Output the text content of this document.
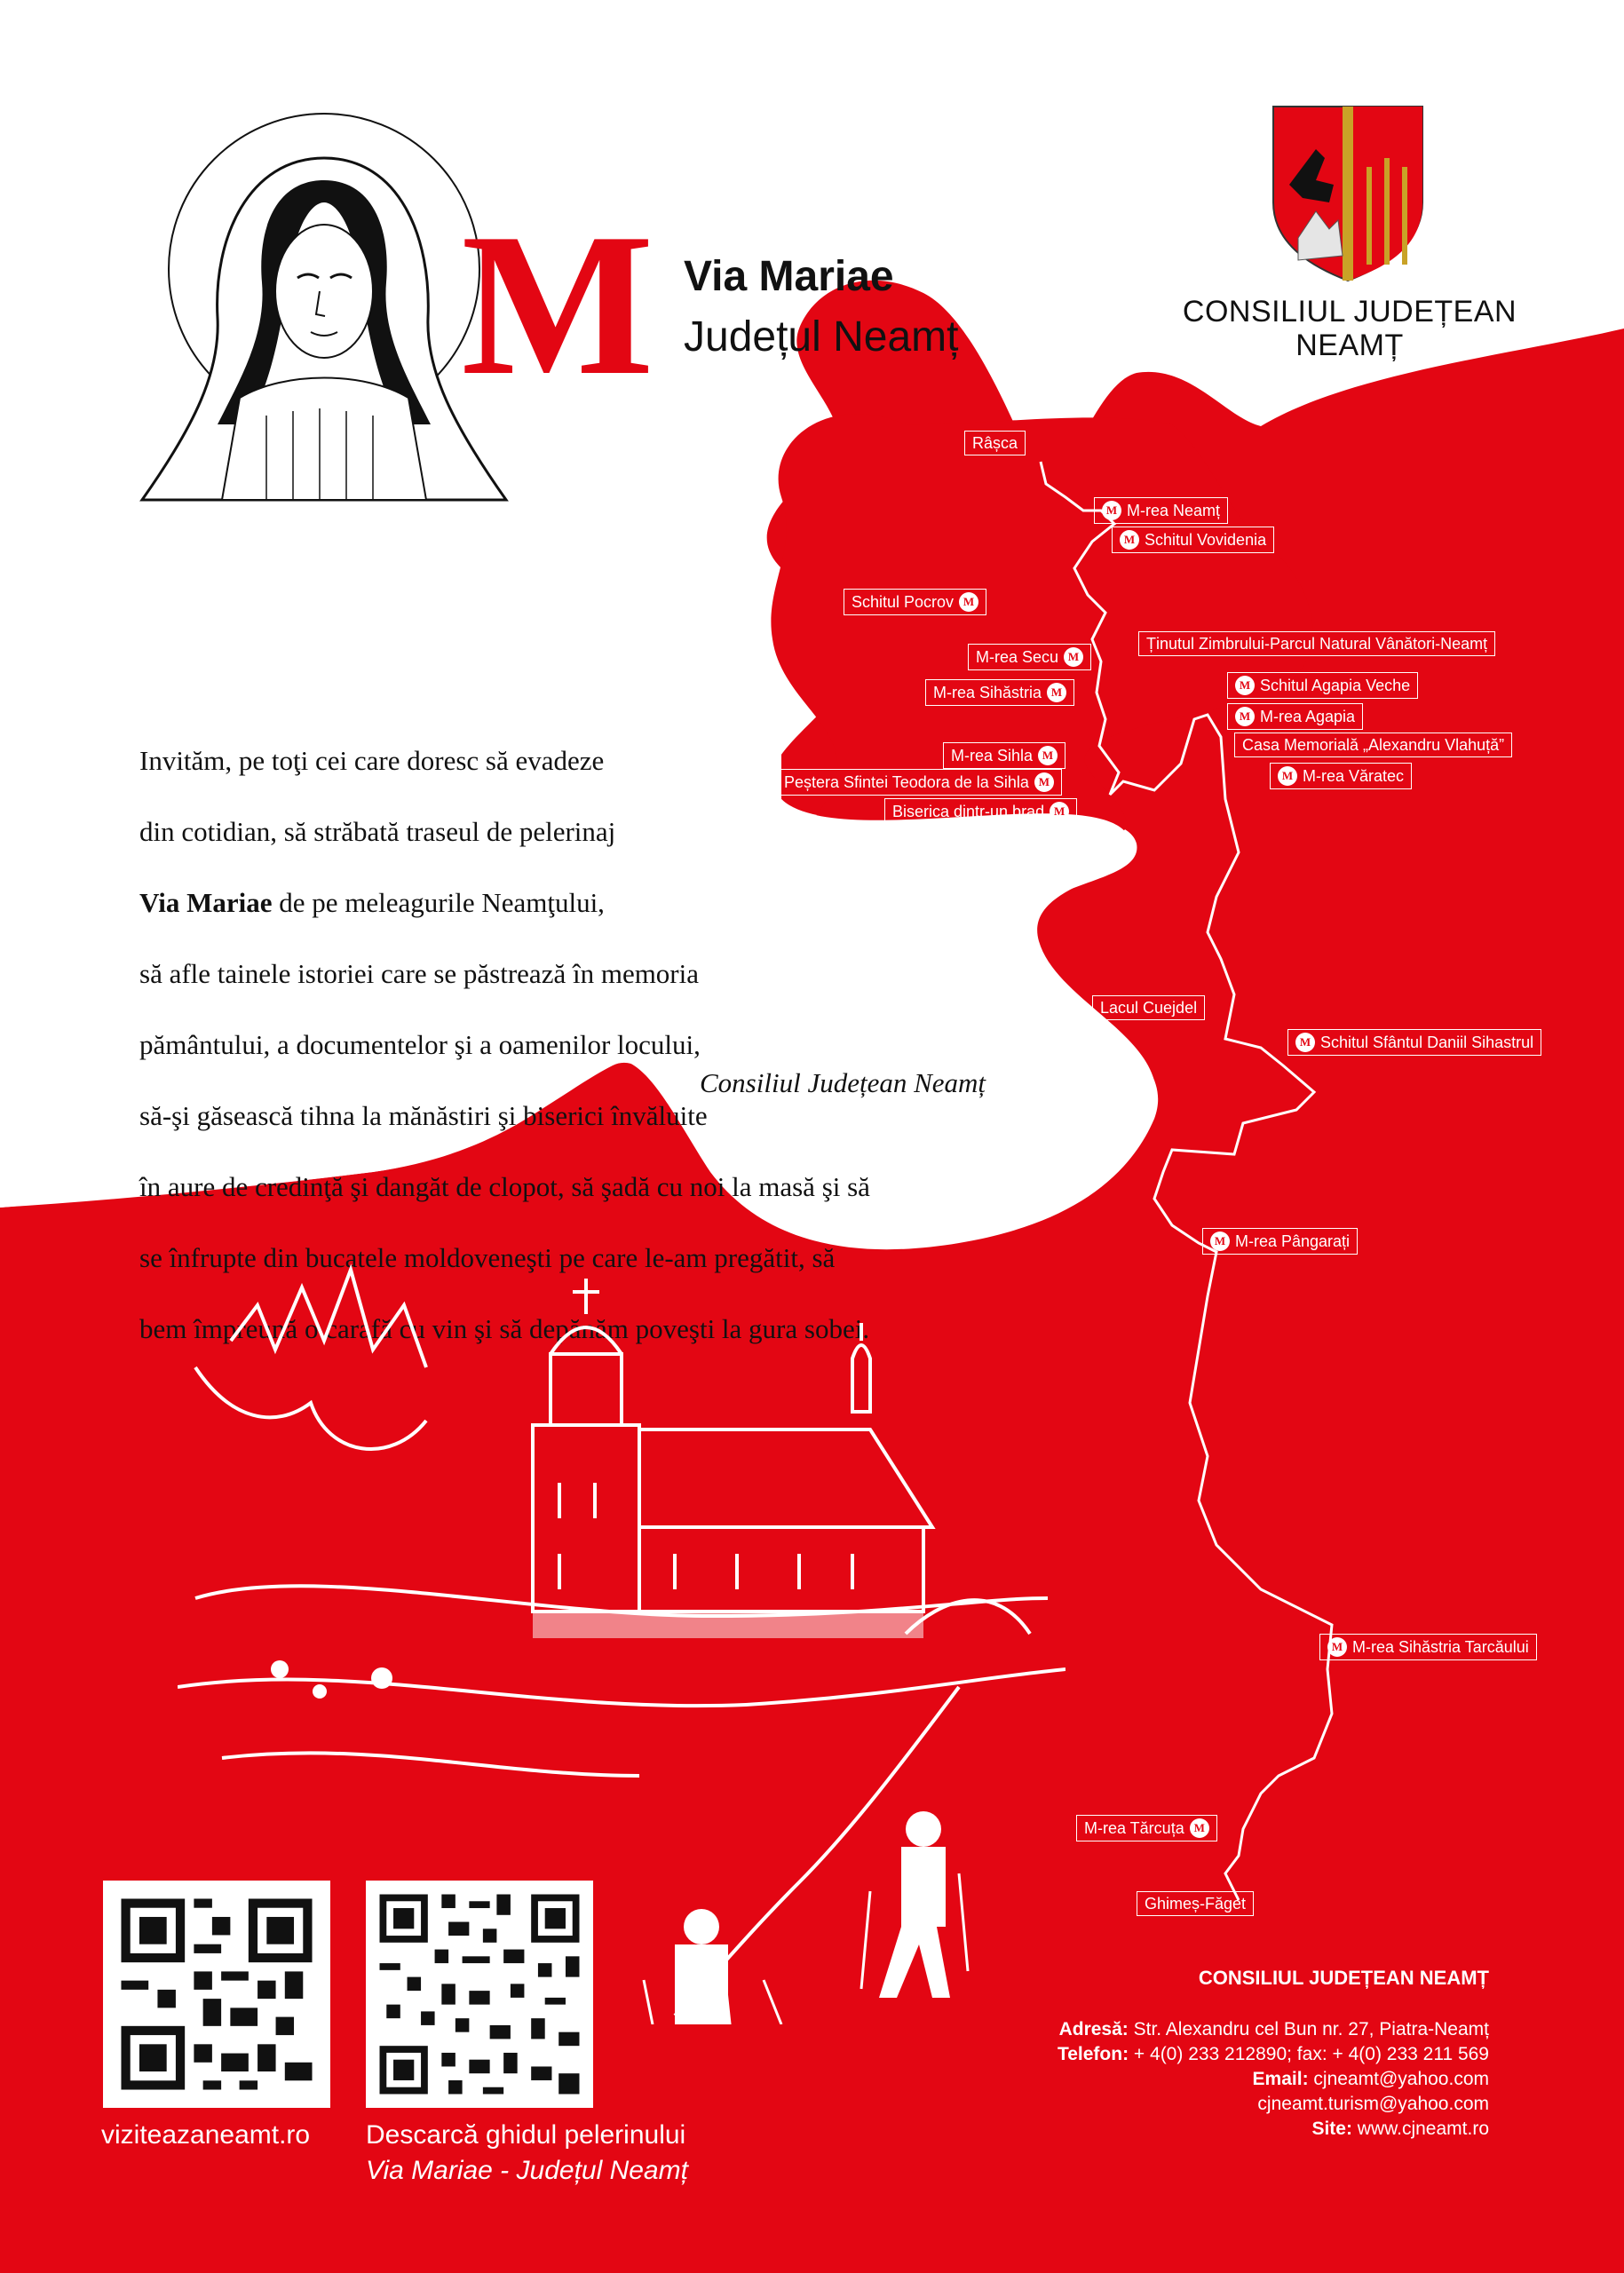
M Via Mariae
Județul Neamț
CONSILIUL JUDEȚEAN
NEAMȚ

Invităm, pe toţi cei care doresc să evadeze

din cotidian, să străbată traseul de pelerinaj

Via Mariae de pe meleagurile Neamţului,

să afle tainele istoriei care se păstrează în memoria

pământului, a documentelor şi a oamenilor locului,

să-şi găsească tihna la mănăstiri şi biserici învăluite

în aure de credinţă şi dangăt de clopot, să şadă cu noi la masă şi să

se înfrupte din bucatele moldoveneşti pe care le-am pregătit, să

bem împreună o carafă cu vin şi să depănăm poveşti la gura sobei.

Consiliul Județean Neamț
Râșca
M M-rea Neamț
M Schitul Vovidenia
Schitul Pocrov M
Ținutul Zimbrului-Parcul Natural Vânători-Neamț
M-rea Secu M
M Schitul Agapia Veche
M-rea Sihăstria M
M M-rea Agapia
Casa Memorială „Alexandru Vlahuță”
M-rea Sihla M
M M-rea Văratec
Peștera Sfintei Teodora de la Sihla M
Biserica dintr-un brad M
Lacul Cuejdel
M Schitul Sfântul Daniil Sihastrul
M M-rea Pângarați
M M-rea Sihăstria Tarcăului
M-rea Tărcuța M
Ghimeș-Făget
viziteazaneamt.ro Descarcă ghidul pelerinului
Via Mariae - Județul Neamț
CONSILIUL JUDEȚEAN NEAMȚ
Adresă: Str. Alexandru cel Bun nr. 27, Piatra-Neamț
Telefon: + 4(0) 233 212890; fax: + 4(0) 233 211 569
Email: cjneamt@yahoo.com
cjneamt.turism@yahoo.com
Site: www.cjneamt.ro
